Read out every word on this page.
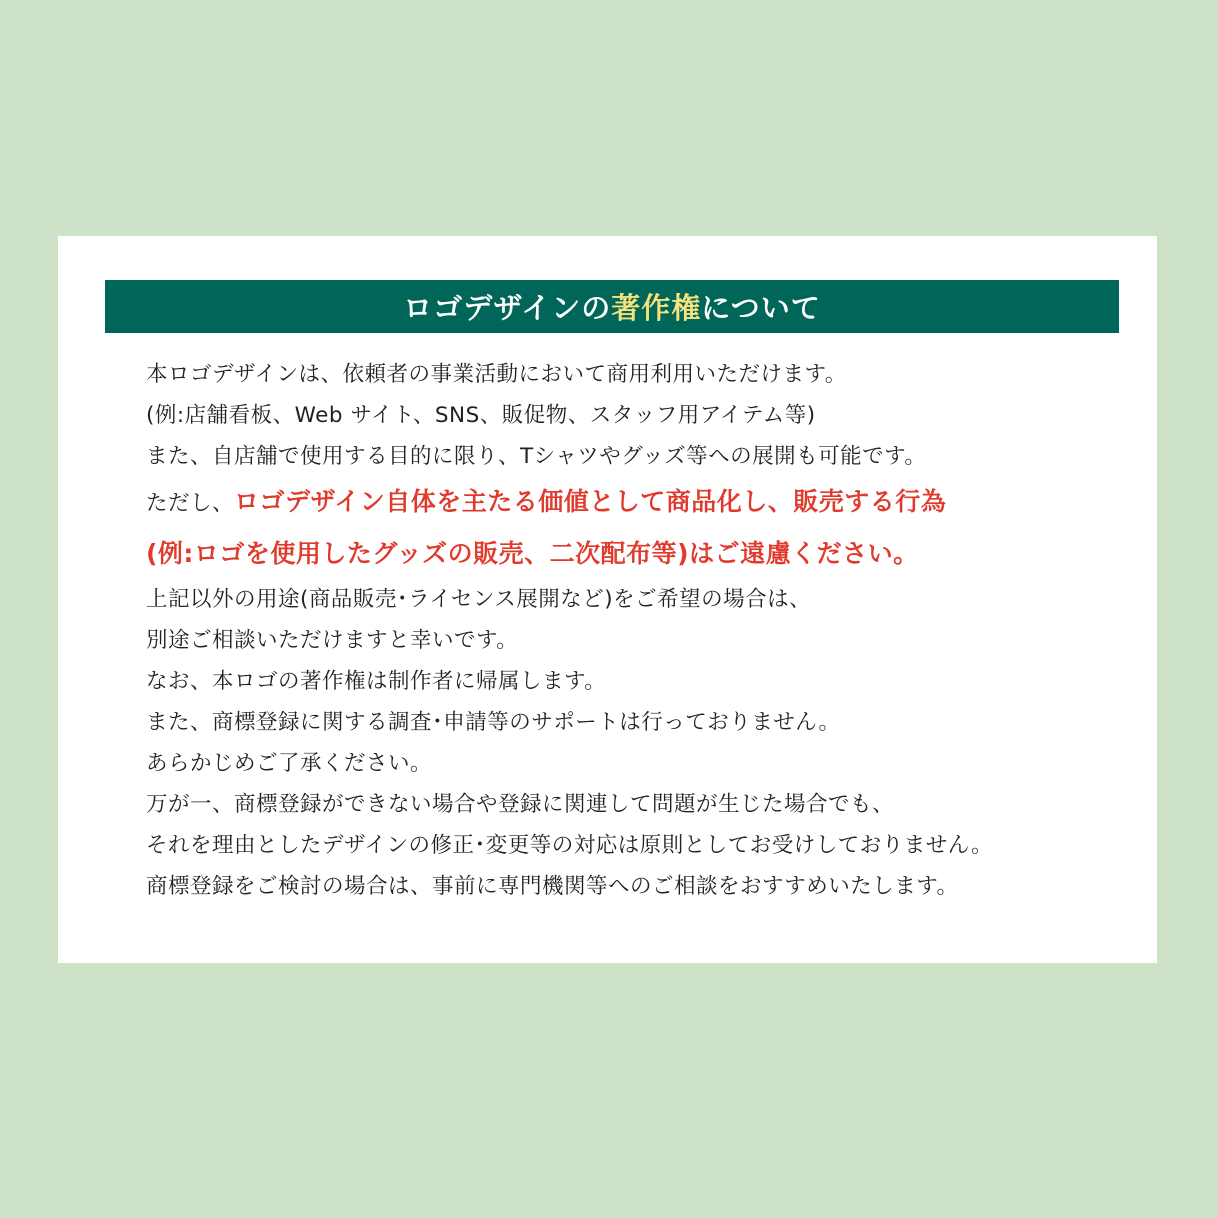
ロゴデザインの 著作権 について
本ロゴデザインは、依頼者の事業活動において商用利用いただけます。
(例:店舗看板、Web サイト、SNS、販促物、スタッフ用アイテム等)
また、自店舗で使用する目的に限り、Tシャツやグッズ等への展開も可能です。
ただし、ロゴデザイン自体を主たる価値として商品化し、販売する行為
(例:ロゴを使用したグッズの販売、二次配布等)はご遠慮ください。
上記以外の用途(商品販売･ライセンス展開など)をご希望の場合は、
別途ご相談いただけますと幸いです。
なお、本ロゴの著作権は制作者に帰属します。
また、商標登録に関する調査･申請等のサポートは行っておりません。
あらかじめご了承ください。
万が一、商標登録ができない場合や登録に関連して問題が生じた場合でも、
それを理由としたデザインの修正･変更等の対応は原則としてお受けしておりません。
商標登録をご検討の場合は、事前に専門機関等へのご相談をおすすめいたします。
